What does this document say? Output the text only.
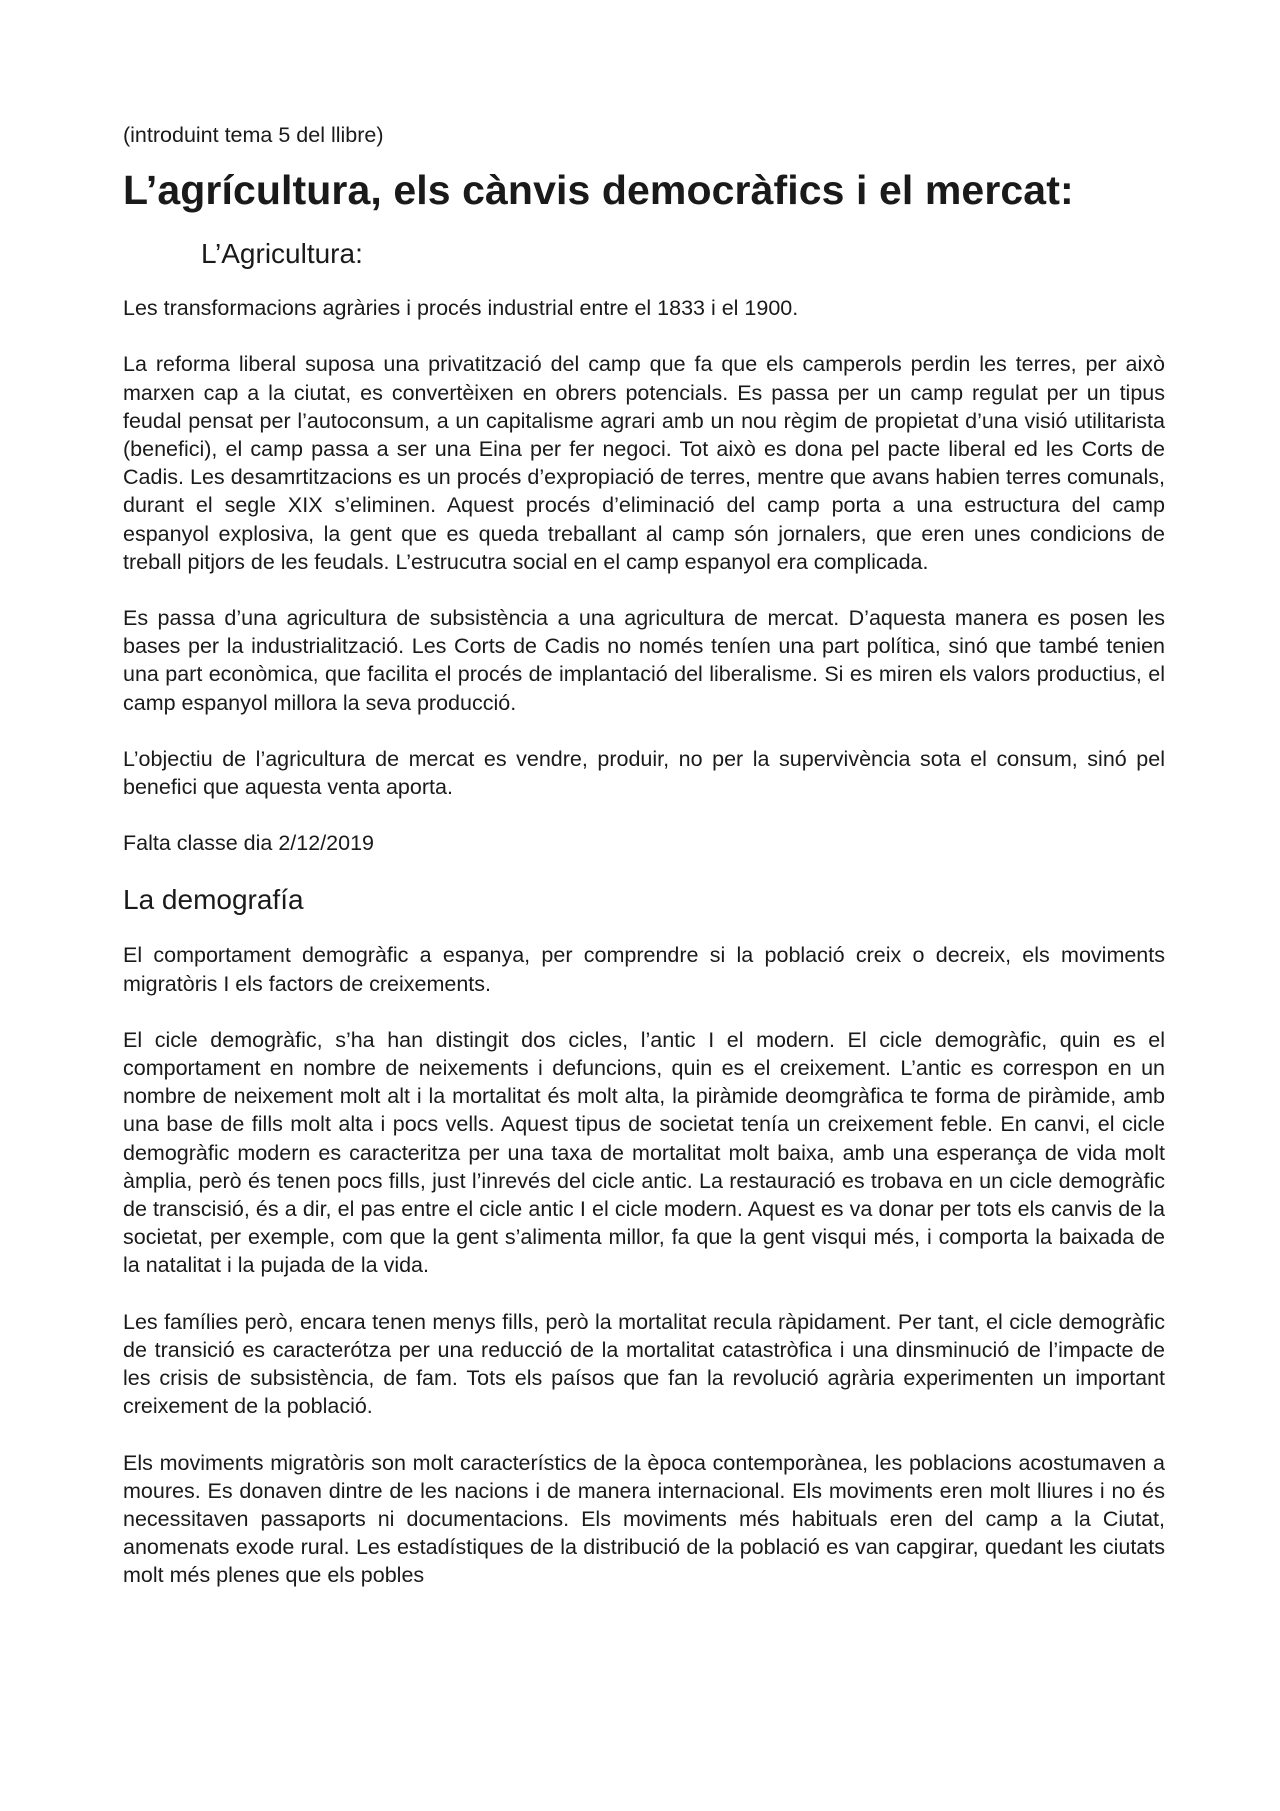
(introduint tema 5 del llibre)

L’agrícultura, els cànvis democràfics i el mercat:
L’Agricultura:

Les transformacions agràries i procés industrial entre el 1833 i el 1900.

La reforma liberal suposa una privatització del camp que fa que els camperols perdin les terres, per això marxen cap a la ciutat, es convertèixen en obrers potencials. Es passa per un camp regulat per un tipus feudal pensat per l’autoconsum, a un capitalisme agrari amb un nou règim de propietat d’una visió utilitarista (benefici), el camp passa a ser una Eina per fer negoci. Tot això es dona pel pacte liberal ed les Corts de Cadis. Les desamrtitzacions es un procés d’expropiació de terres, mentre que avans habien terres comunals, durant el segle XIX s’eliminen. Aquest procés d’eliminació del camp porta a una estructura del camp espanyol explosiva, la gent que es queda treballant al camp són jornalers, que eren unes condicions de treball pitjors de les feudals. L’estrucutra social en el camp espanyol era complicada.

Es passa d’una agricultura de subsistència a una agricultura de mercat. D’aquesta manera es posen les bases per la industrialització. Les Corts de Cadis no només teníen una part política, sinó que també tenien una part econòmica, que facilita el procés de implantació del liberalisme. Si es miren els valors productius, el camp espanyol millora la seva producció.

L’objectiu de l’agricultura de mercat es vendre, produir, no per la supervivència sota el consum, sinó pel benefici que aquesta venta aporta.

Falta classe dia 2/12/2019

La demografía

El comportament demogràfic a espanya, per comprendre si la població creix o decreix, els moviments migratòris I els factors de creixements.

El cicle demogràfic, s’ha han distingit dos cicles, l’antic I el modern. El cicle demogràfic, quin es el comportament en nombre de neixements i defuncions, quin es el creixement. L’antic es correspon en un nombre de neixement molt alt i la mortalitat és molt alta, la piràmide deomgràfica te forma de piràmide, amb una base de fills molt alta i pocs vells. Aquest tipus de societat tenía un creixement feble. En canvi, el cicle demogràfic modern es caracteritza per una taxa de mortalitat molt baixa, amb una esperança de vida molt àmplia, però és tenen pocs fills, just l’inrevés del cicle antic. La restauració es trobava en un cicle demogràfic de transcisió, és a dir, el pas entre el cicle antic I el cicle modern. Aquest es va donar per tots els canvis de la societat, per exemple, com que la gent s’alimenta millor, fa que la gent visqui més, i comporta la baixada de la natalitat i la pujada de la vida.

Les famílies però, encara tenen menys fills, però la mortalitat recula ràpidament. Per tant, el cicle demogràfic de transició es caracterótza per una reducció de la mortalitat catastròfica i una dinsminució de l’impacte de les crisis de subsistència, de fam. Tots els paísos que fan la revolució agrària experimenten un important creixement de la població.

Els moviments migratòris son molt característics de la època contemporànea, les poblacions acostumaven a moures. Es donaven dintre de les nacions i de manera internacional. Els moviments eren molt lliures i no és necessitaven passaports ni documentacions. Els moviments més habituals eren del camp a la Ciutat, anomenats exode rural. Les estadístiques de la distribució de la població es van capgirar, quedant les ciutats molt més plenes que els pobles
